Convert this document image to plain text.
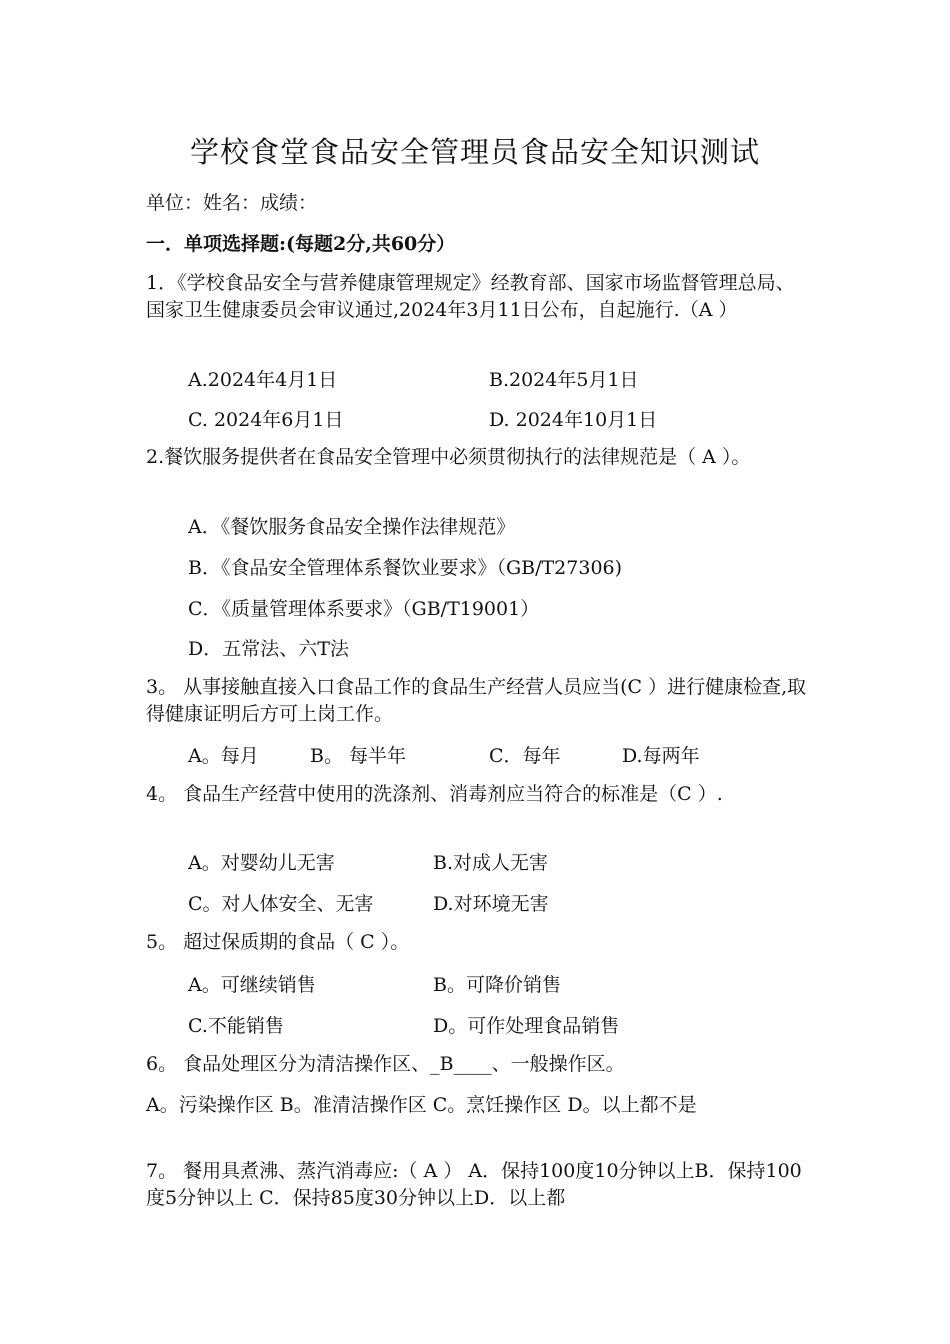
学校食堂食品安全管理员食品安全知识测试
单位：姓名：成绩：
一．单项选择题:(每题2分,共60分）
1．《学校食品安全与营养健康管理规定》经教育部、国家市场监督管理总局、国家卫生健康委员会审议通过,2024年3月11日公布，自起施行.（A ）
A.2024年4月1日	B.2024年5月1日
C. 2024年6月1日	D. 2024年10月1日
2.餐饮服务提供者在食品安全管理中必须贯彻执行的法律规范是（ A ）。
A．《餐饮服务食品安全操作法律规范》
B．《食品安全管理体系餐饮业要求》（GB/T27306)
C．《质量管理体系要求》（GB/T19001）
D．五常法、六T法
3。 从事接触直接入口食品工作的食品生产经营人员应当(C ）进行健康检查,取得健康证明后方可上岗工作。
A。每月	B。 每半年	C．每年	D.每两年
4。 食品生产经营中使用的洗涤剂、消毒剂应当符合的标准是（C ）.
A。对婴幼儿无害	B.对成人无害
C。对人体安全、无害	D.对环境无害
5。 超过保质期的食品（ C ）。
A。可继续销售	B。可降价销售
C.不能销售	D。可作处理食品销售
6。 食品处理区分为清洁操作区、_B____、一般操作区。
A。污染操作区 B。准清洁操作区 C。烹饪操作区 D。以上都不是
7。 餐用具煮沸、蒸汽消毒应:（ A ） A．保持100度10分钟以上B．保持100度5分钟以上 C．保持85度30分钟以上D．以上都
